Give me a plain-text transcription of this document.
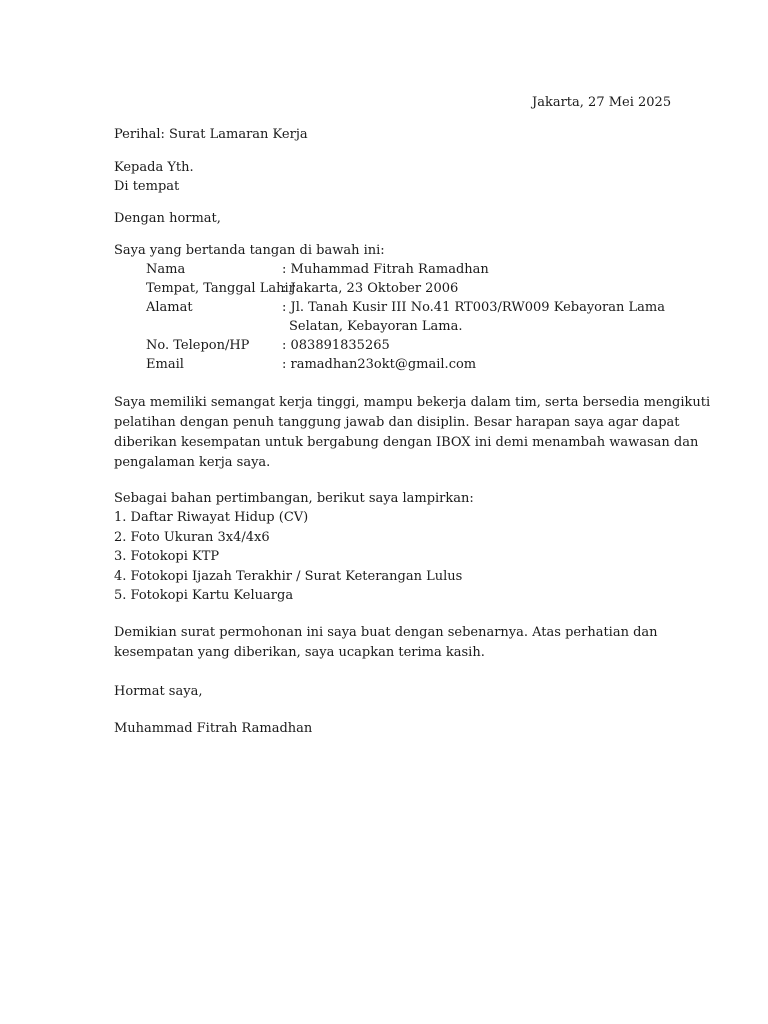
Jakarta, 27 Mei 2025
Perihal: Surat Lamaran Kerja
Kepada Yth.
Di tempat
Dengan hormat,
Saya yang bertanda tangan di bawah ini:
Nama	: Muhammad Fitrah Ramadhan
Tempat, Tanggal Lahir
: Jakarta, 23 Oktober 2006
Alamat	: Jl. Tanah Kusir III No.41 RT003/RW009 Kebayoran Lama
Selatan, Kebayoran Lama.
No. Telepon/HP	: 083891835265
Email	: ramadhan23okt@gmail.com
Saya memiliki semangat kerja tinggi, mampu bekerja dalam tim, serta bersedia mengikuti
pelatihan dengan penuh tanggung jawab dan disiplin. Besar harapan saya agar dapat
diberikan kesempatan untuk bergabung dengan IBOX ini demi menambah wawasan dan
pengalaman kerja saya.
Sebagai bahan pertimbangan, berikut saya lampirkan:
1. Daftar Riwayat Hidup (CV)
2. Foto Ukuran 3x4/4x6
3. Fotokopi KTP
4. Fotokopi Ijazah Terakhir / Surat Keterangan Lulus
5. Fotokopi Kartu Keluarga
Demikian surat permohonan ini saya buat dengan sebenarnya. Atas perhatian dan
kesempatan yang diberikan, saya ucapkan terima kasih.
Hormat saya,
Muhammad Fitrah Ramadhan
